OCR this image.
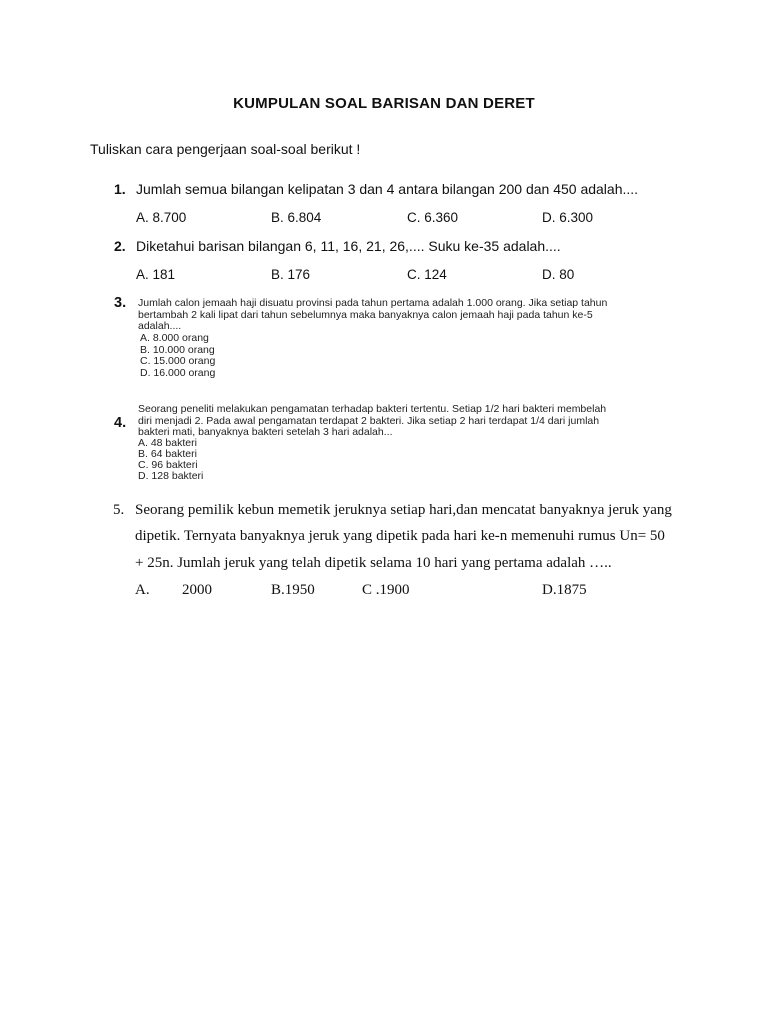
KUMPULAN SOAL BARISAN DAN DERET
Tuliskan cara pengerjaan soal-soal berikut !
1. Jumlah semua bilangan kelipatan 3 dan 4 antara bilangan 200 dan 450 adalah....
A. 8.700	B. 6.804	C. 6.360	D. 6.300
2. Diketahui barisan bilangan 6, 11, 16, 21, 26,.... Suku ke-35 adalah....
A. 181	B. 176	C. 124	D. 80
3. Jumlah calon jemaah haji disuatu provinsi pada tahun pertama adalah 1.000 orang. Jika setiap tahun
bertambah 2 kali lipat dari tahun sebelumnya maka banyaknya calon jemaah haji pada tahun ke-5
adalah....
A. 8.000 orang
B. 10.000 orang
C. 15.000 orang
D. 16.000 orang
Seorang peneliti melakukan pengamatan terhadap bakteri tertentu. Setiap 1/2 hari bakteri membelah
4. diri menjadi 2. Pada awal pengamatan terdapat 2 bakteri. Jika setiap 2 hari terdapat 1/4 dari jumlah
bakteri mati, banyaknya bakteri setelah 3 hari adalah...
A. 48 bakteri
B. 64 bakteri
C. 96 bakteri
D. 128 bakteri
5. Seorang pemilik kebun memetik jeruknya setiap hari,dan mencatat banyaknya jeruk yang
dipetik. Ternyata banyaknya jeruk yang dipetik pada hari ke-n memenuhi rumus Un= 50
+ 25n. Jumlah jeruk yang telah dipetik selama 10 hari yang pertama adalah …..
A. 2000	B.1950	C .1900	D.1875
